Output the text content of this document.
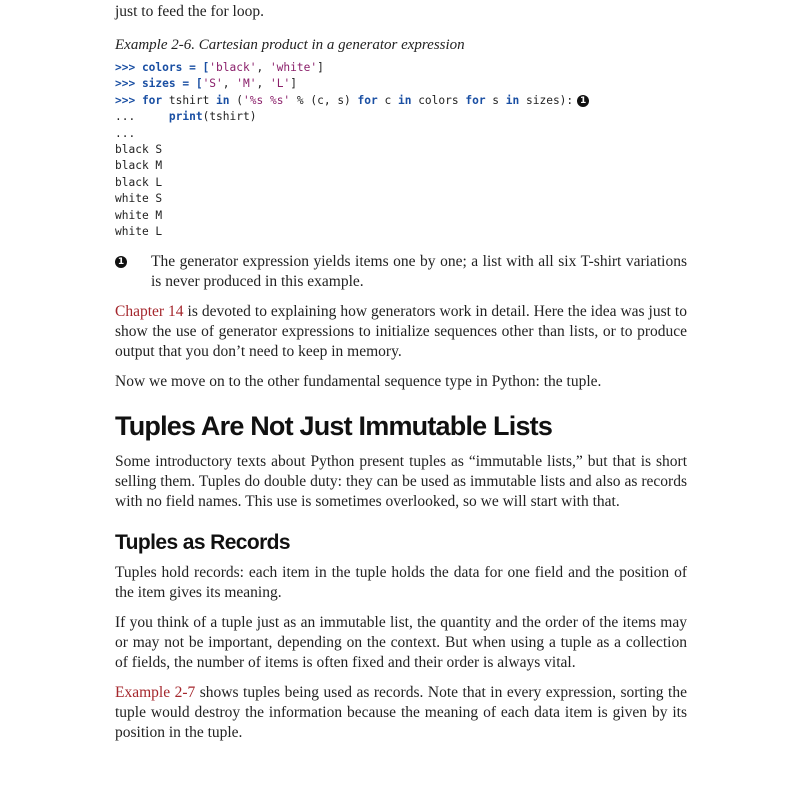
just to feed the for loop.

Example 2-6. Cartesian product in a generator expression

>>> colors = ['black', 'white']
>>> sizes = ['S', 'M', 'L']
>>> for tshirt in ('%s %s' % (c, s) for c in colors for s in sizes): 1
...     print(tshirt)
...
black S
black M
black L
white S
white M
white L
1 The generator expression yields items one by one; a list with all six T-shirt variations is never produced in this example.

Chapter 14 is devoted to explaining how generators work in detail. Here the idea was just to show the use of generator expressions to initialize sequences other than lists, or to produce output that you don’t need to keep in memory.

Now we move on to the other fundamental sequence type in Python: the tuple.

Tuples Are Not Just Immutable Lists

Some introductory texts about Python present tuples as “immutable lists,” but that is short selling them. Tuples do double duty: they can be used as immutable lists and also as records with no field names. This use is sometimes overlooked, so we will start with that.

Tuples as Records

Tuples hold records: each item in the tuple holds the data for one field and the position of the item gives its meaning.

If you think of a tuple just as an immutable list, the quantity and the order of the items may or may not be important, depending on the context. But when using a tuple as a collection of fields, the number of items is often fixed and their order is always vital.

Example 2-7 shows tuples being used as records. Note that in every expression, sorting the tuple would destroy the information because the meaning of each data item is given by its position in the tuple.
